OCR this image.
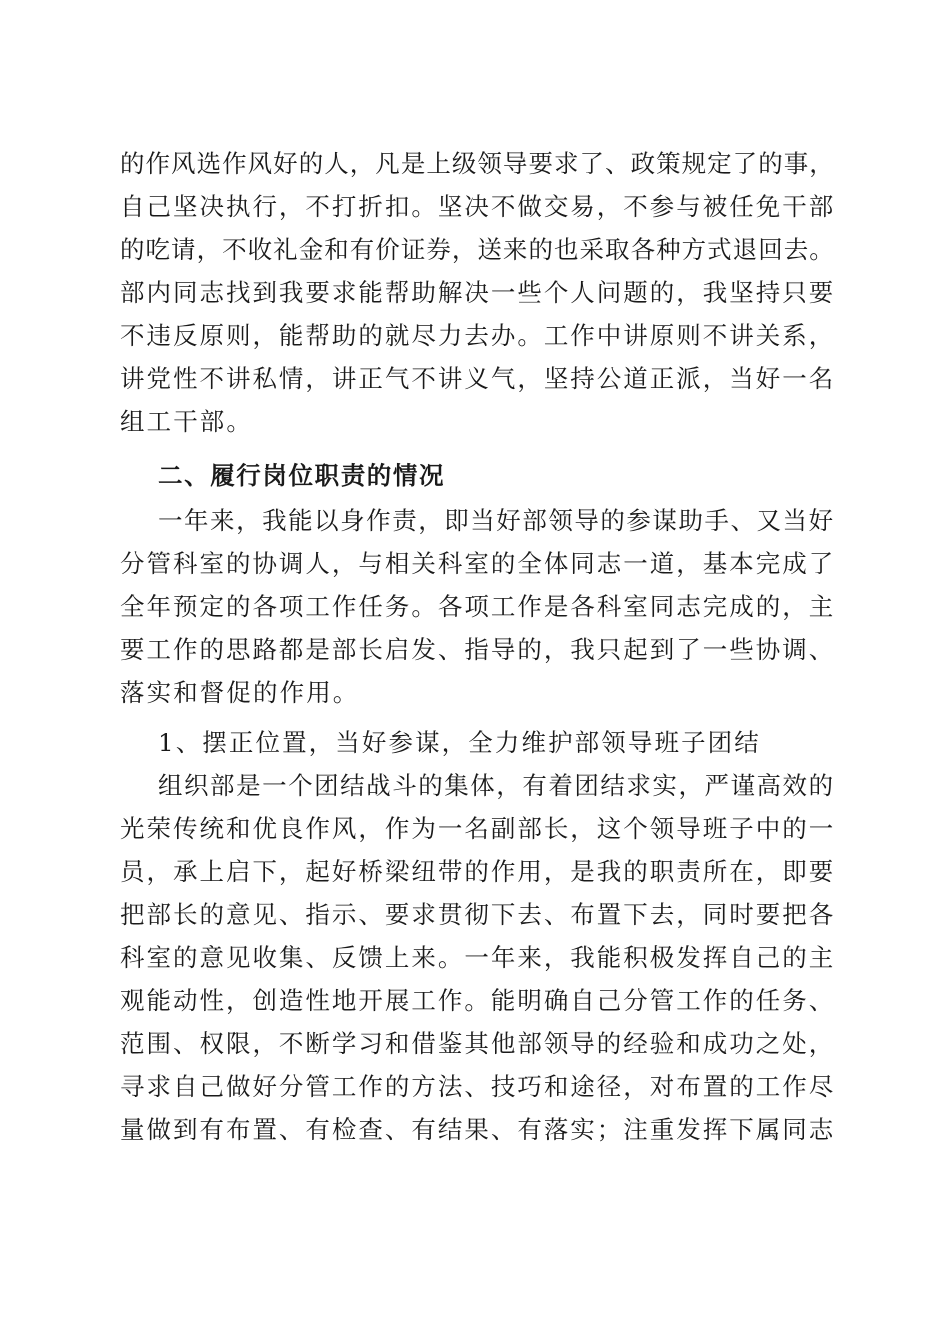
的作风选作风好的人，凡是上级领导要求了、政策规定了的事，
自己坚决执行，不打折扣。坚决不做交易，不参与被任免干部
的吃请，不收礼金和有价证券，送来的也采取各种方式退回去。
部内同志找到我要求能帮助解决一些个人问题的，我坚持只要
不违反原则，能帮助的就尽力去办。工作中讲原则不讲关系，
讲党性不讲私情，讲正气不讲义气，坚持公道正派，当好一名
组工干部。
二、履行岗位职责的情况
一年来，我能以身作责，即当好部领导的参谋助手、又当好
分管科室的协调人，与相关科室的全体同志一道，基本完成了
全年预定的各项工作任务。各项工作是各科室同志完成的，主
要工作的思路都是部长启发、指导的，我只起到了一些协调、
落实和督促的作用。
1、摆正位置，当好参谋，全力维护部领导班子团结
组织部是一个团结战斗的集体，有着团结求实，严谨高效的
光荣传统和优良作风，作为一名副部长，这个领导班子中的一
员，承上启下，起好桥梁纽带的作用，是我的职责所在，即要
把部长的意见、指示、要求贯彻下去、布置下去，同时要把各
科室的意见收集、反馈上来。一年来，我能积极发挥自己的主
观能动性，创造性地开展工作。能明确自己分管工作的任务、
范围、权限，不断学习和借鉴其他部领导的经验和成功之处，
寻求自己做好分管工作的方法、技巧和途径，对布置的工作尽
量做到有布置、有检查、有结果、有落实；注重发挥下属同志
